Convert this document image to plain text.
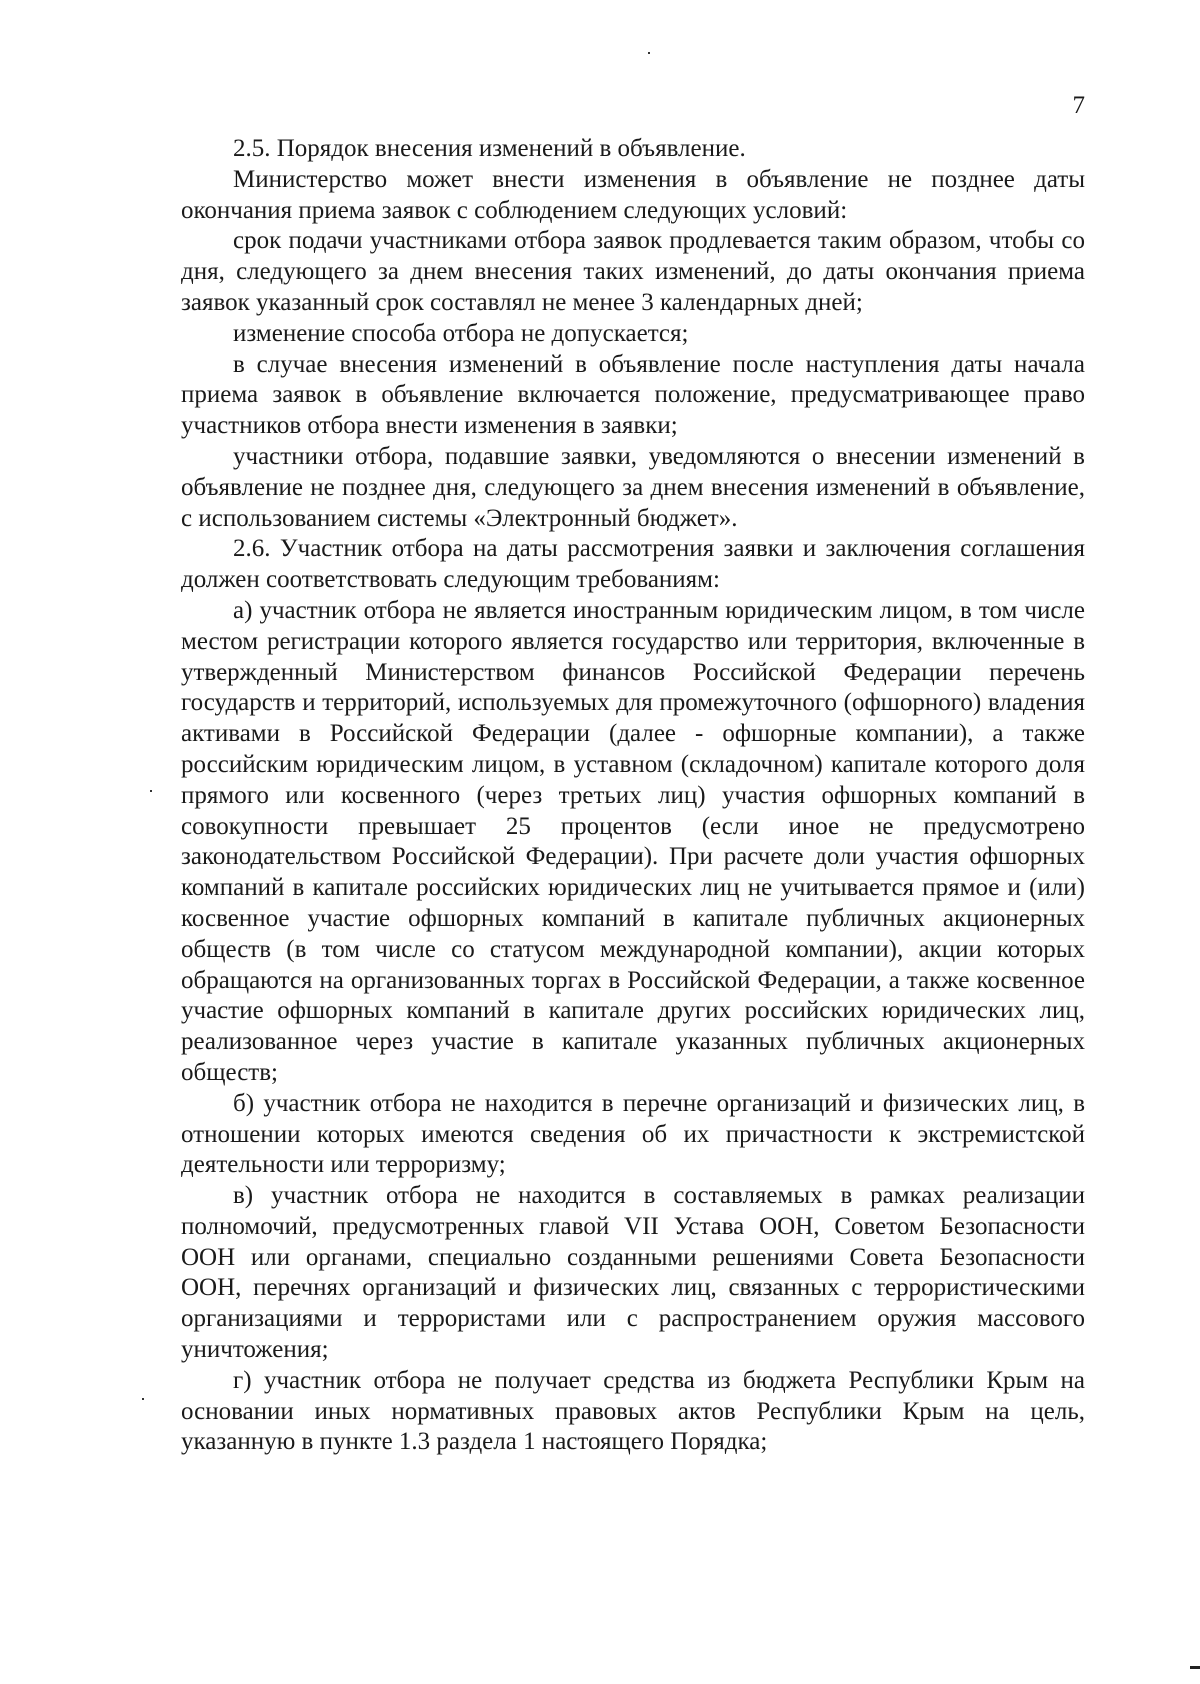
7

2.5. Порядок внесения изменений в объявление.

Министерство может внести изменения в объявление не позднее даты окончания приема заявок с соблюдением следующих условий:

срок подачи участниками отбора заявок продлевается таким образом, чтобы со дня, следующего за днем внесения таких изменений, до даты окончания приема заявок указанный срок составлял не менее 3 календарных дней;

изменение способа отбора не допускается;

в случае внесения изменений в объявление после наступления даты начала приема заявок в объявление включается положение, предусматривающее право участников отбора внести изменения в заявки;

участники отбора, подавшие заявки, уведомляются о внесении изменений в объявление не позднее дня, следующего за днем внесения изменений в объявление, с использованием системы «Электронный бюджет».

2.6. Участник отбора на даты рассмотрения заявки и заключения соглашения должен соответствовать следующим требованиям:

а) участник отбора не является иностранным юридическим лицом, в том числе местом регистрации которого является государство или территория, включенные в утвержденный Министерством финансов Российской Федерации перечень государств и территорий, используемых для промежуточного (офшорного) владения активами в Российской Федерации (далее - офшорные компании), а также российским юридическим лицом, в уставном (складочном) капитале которого доля прямого или косвенного (через третьих лиц) участия офшорных компаний в совокупности превышает 25 процентов (если иное не предусмотрено законодательством Российской Федерации). При расчете доли участия офшорных компаний в капитале российских юридических лиц не учитывается прямое и (или) косвенное участие офшорных компаний в капитале публичных акционерных обществ (в том числе со статусом международной компании), акции которых обращаются на организованных торгах в Российской Федерации, а также косвенное участие офшорных компаний в капитале других российских юридических лиц, реализованное через участие в капитале указанных публичных акционерных обществ;

б) участник отбора не находится в перечне организаций и физических лиц, в отношении которых имеются сведения об их причастности к экстремистской деятельности или терроризму;

в) участник отбора не находится в составляемых в рамках реализации полномочий, предусмотренных главой VII Устава ООН, Советом Безопасности ООН или органами, специально созданными решениями Совета Безопасности ООН, перечнях организаций и физических лиц, связанных с террористическими организациями и террористами или с распространением оружия массового уничтожения;

г) участник отбора не получает средства из бюджета Республики Крым на основании иных нормативных правовых актов Республики Крым на цель, указанную в пункте 1.3 раздела 1 настоящего Порядка;
